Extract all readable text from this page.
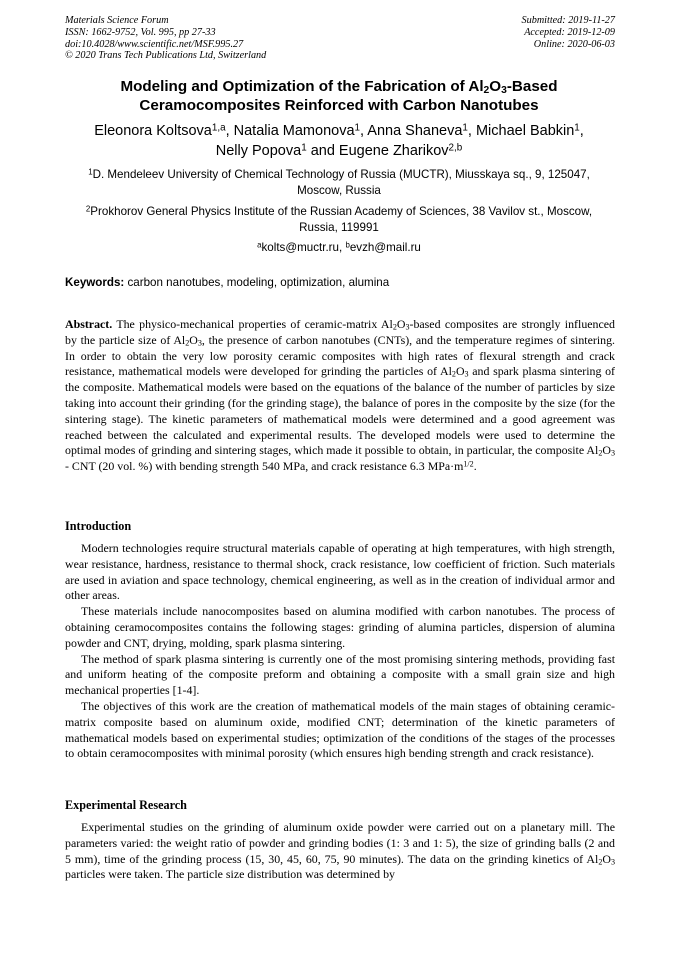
Materials Science Forum
ISSN: 1662-9752, Vol. 995, pp 27-33
doi:10.4028/www.scientific.net/MSF.995.27
© 2020 Trans Tech Publications Ltd, Switzerland
Submitted: 2019-11-27
Accepted: 2019-12-09
Online: 2020-06-03
Modeling and Optimization of the Fabrication of $Al_2O_3$-Based
Ceramocomposites Reinforced with Carbon Nanotubes
Eleonora Koltsova$^{1,a}$, Natalia Mamonova$^1$, Anna Shaneva$^1$, Michael Babkin$^1$,
Nelly Popova$^1$ and Eugene Zharikov$^{2,b}$
$^1$D. Mendeleev University of Chemical Technology of Russia (MUCTR), Miusskaya sq., 9, 125047, Moscow, Russia
$^2$Prokhorov General Physics Institute of the Russian Academy of Sciences, 38 Vavilov st., Moscow, Russia, 119991
$^a$kolts@muctr.ru, $^b$evzh@mail.ru
Keywords: carbon nanotubes, modeling, optimization, alumina
Abstract. The physico-mechanical properties of ceramic-matrix $Al_2O_3$-based composites are strongly influenced by the particle size of $Al_2O_3$, the presence of carbon nanotubes (CNTs), and the temperature regimes of sintering. In order to obtain the very low porosity ceramic composites with high rates of flexural strength and crack resistance, mathematical models were developed for grinding the particles of $Al_2O_3$ and spark plasma sintering of the composite. Mathematical models were based on the equations of the balance of the number of particles by size taking into account their grinding (for the grinding stage), the balance of pores in the composite by the size (for the sintering stage). The kinetic parameters of mathematical models were determined and a good agreement was reached between the calculated and experimental results. The developed models were used to determine the optimal modes of grinding and sintering stages, which made it possible to obtain, in particular, the composite $Al_2O_3$ - CNT (20 vol. %) with bending strength 540 MPa, and crack resistance 6.3 $MPa\cdot m^{1/2}$.
Introduction

Modern technologies require structural materials capable of operating at high temperatures, with high strength, wear resistance, hardness, resistance to thermal shock, crack resistance, low coefficient of friction. Such materials are used in aviation and space technology, chemical engineering, as well as in the creation of individual armor and other areas.

These materials include nanocomposites based on alumina modified with carbon nanotubes. The process of obtaining ceramocomposites contains the following stages: grinding of alumina particles, dispersion of alumina powder and CNT, drying, molding, spark plasma sintering.

The method of spark plasma sintering is currently one of the most promising sintering methods, providing fast and uniform heating of the composite preform and obtaining a composite with a small grain size and high mechanical properties [1-4].

The objectives of this work are the creation of mathematical models of the main stages of obtaining ceramic-matrix composite based on aluminum oxide, modified CNT; determination of the kinetic parameters of mathematical models based on experimental studies; optimization of the conditions of the stages of the processes to obtain ceramocomposites with minimal porosity (which ensures high bending strength and crack resistance).

Experimental Research

Experimental studies on the grinding of aluminum oxide powder were carried out on a planetary mill. The parameters varied: the weight ratio of powder and grinding bodies (1: 3 and 1: 5), the size of grinding balls (2 and 5 mm), time of the grinding process (15, 30, 45, 60, 75, 90 minutes). The data on the grinding kinetics of $Al_2O_3$ particles were taken. The particle size distribution was determined by
